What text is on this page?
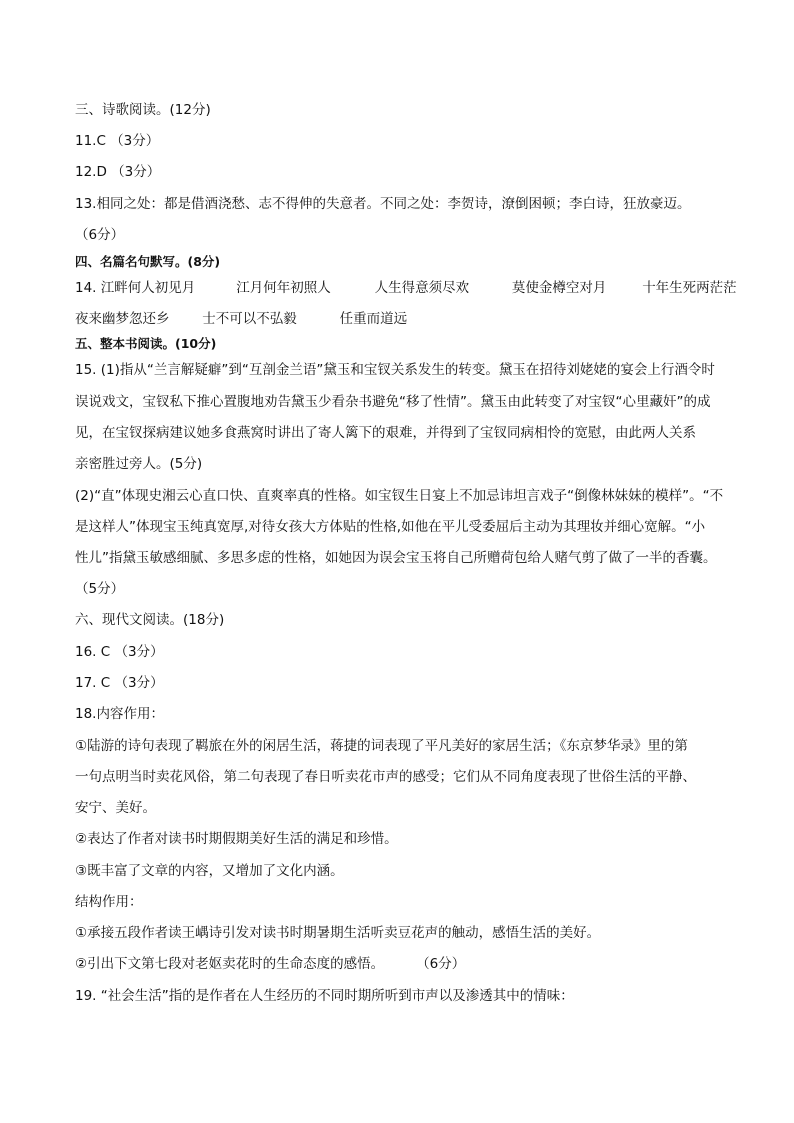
三、诗歌阅读。(12分)
11.C （3分）
12.D （3分）
13.相同之处：都是借酒浇愁、志不得伸的失意者。不同之处：李贺诗，潦倒困顿；李白诗，狂放豪迈。
（6分）
四、名篇名句默写。(8分)
14. 江畔何人初见月	江月何年初照人	人生得意须尽欢	莫使金樽空对月	十年生死两茫茫
夜来幽梦忽还乡 士不可以不弘毅	任重而道远
五、整本书阅读。(10分)
15. (1)指从“兰言解疑癖”到“互剖金兰语”黛玉和宝钗关系发生的转变。黛玉在招待刘姥姥的宴会上行酒令时
误说戏文，宝钗私下推心置腹地劝告黛玉少看杂书避免“移了性情”。黛玉由此转变了对宝钗“心里藏奸”的成
见，在宝钗探病建议她多食燕窝时讲出了寄人篱下的艰难，并得到了宝钗同病相怜的宽慰，由此两人关系
亲密胜过旁人。(5分)
(2)“直”体现史湘云心直口快、直爽率真的性格。如宝钗生日宴上不加忌讳坦言戏子“倒像林妹妹的模样”。“不
是这样人”体现宝玉纯真宽厚,对待女孩大方体贴的性格,如他在平儿受委屈后主动为其理妆并细心宽解。“小
性儿”指黛玉敏感细腻、多思多虑的性格，如她因为误会宝玉将自己所赠荷包给人赌气剪了做了一半的香囊。
（5分）
六、现代文阅读。(18分)
16. C （3分）
17. C （3分）
18.内容作用：
①陆游的诗句表现了羁旅在外的闲居生活，蒋捷的词表现了平凡美好的家居生活；《东京梦华录》里的第
一句点明当时卖花风俗，第二句表现了春日听卖花市声的感受；它们从不同角度表现了世俗生活的平静、
安宁、美好。
②表达了作者对读书时期假期美好生活的满足和珍惜。
③既丰富了文章的内容，又增加了文化内涵。
结构作用：
①承接五段作者读王嵎诗引发对读书时期暑期生活听卖豆花声的触动，感悟生活的美好。
②引出下文第七段对老妪卖花时的生命态度的感悟。 （6分）
19. “社会生活”指的是作者在人生经历的不同时期所听到市声以及渗透其中的情味：
